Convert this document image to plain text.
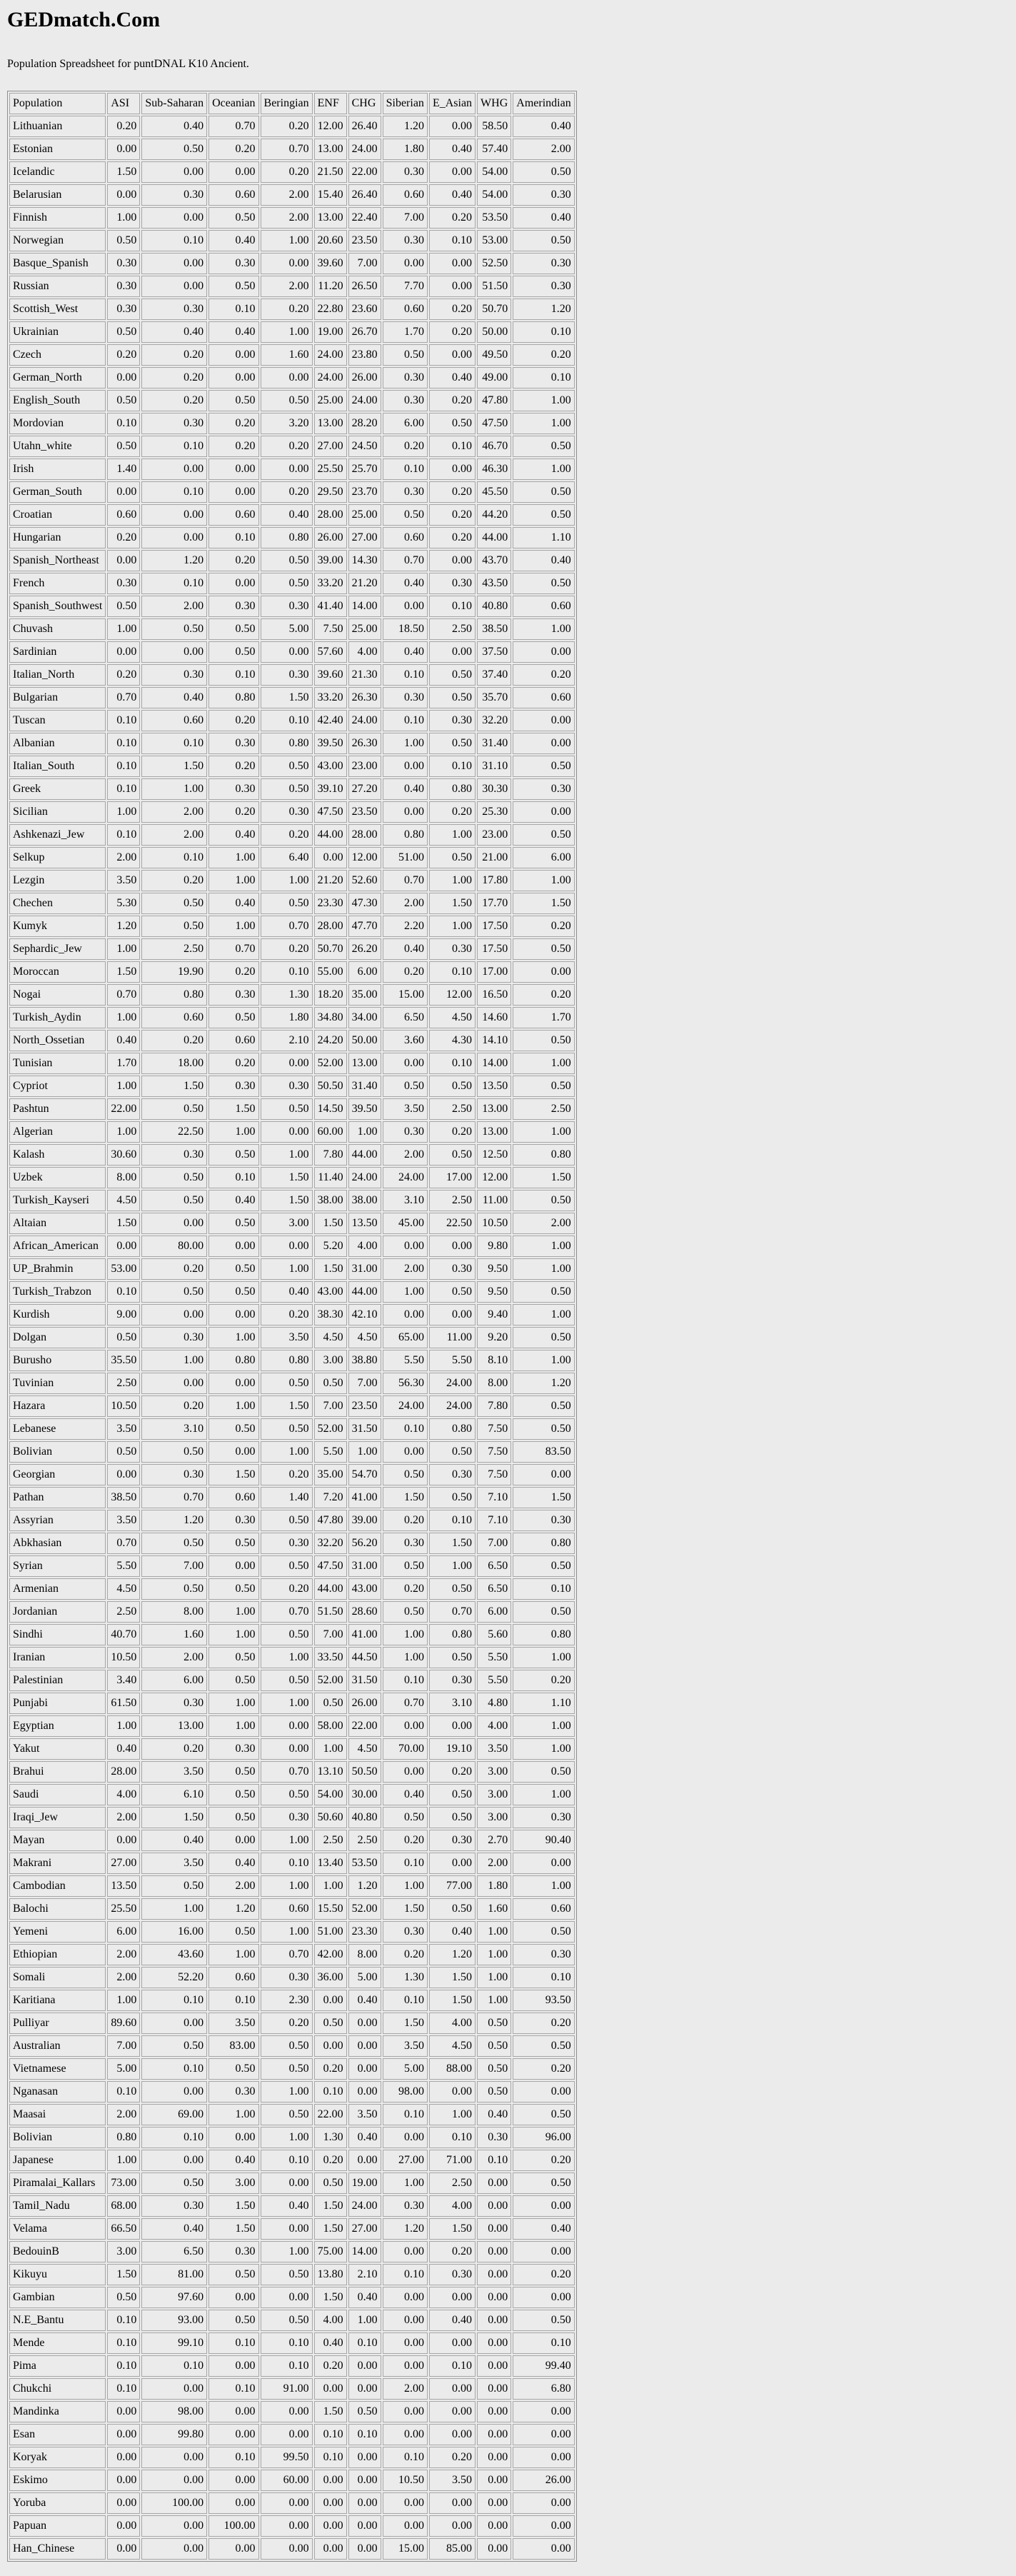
GEDmatch.Com
Population Spreadsheet for puntDNAL K10 Ancient.
Population	ASI	Sub-Saharan	Oceanian	Beringian	ENF	CHG	Siberian	E_Asian	WHG	Amerindian
Lithuanian	0.20	0.40	0.70	0.20	12.00	26.40	1.20	0.00	58.50	0.40
Estonian	0.00	0.50	0.20	0.70	13.00	24.00	1.80	0.40	57.40	2.00
Icelandic	1.50	0.00	0.00	0.20	21.50	22.00	0.30	0.00	54.00	0.50
Belarusian	0.00	0.30	0.60	2.00	15.40	26.40	0.60	0.40	54.00	0.30
Finnish	1.00	0.00	0.50	2.00	13.00	22.40	7.00	0.20	53.50	0.40
Norwegian	0.50	0.10	0.40	1.00	20.60	23.50	0.30	0.10	53.00	0.50
Basque_Spanish	0.30	0.00	0.30	0.00	39.60	7.00	0.00	0.00	52.50	0.30
Russian	0.30	0.00	0.50	2.00	11.20	26.50	7.70	0.00	51.50	0.30
Scottish_West	0.30	0.30	0.10	0.20	22.80	23.60	0.60	0.20	50.70	1.20
Ukrainian	0.50	0.40	0.40	1.00	19.00	26.70	1.70	0.20	50.00	0.10
Czech	0.20	0.20	0.00	1.60	24.00	23.80	0.50	0.00	49.50	0.20
German_North	0.00	0.20	0.00	0.00	24.00	26.00	0.30	0.40	49.00	0.10
English_South	0.50	0.20	0.50	0.50	25.00	24.00	0.30	0.20	47.80	1.00
Mordovian	0.10	0.30	0.20	3.20	13.00	28.20	6.00	0.50	47.50	1.00
Utahn_white	0.50	0.10	0.20	0.20	27.00	24.50	0.20	0.10	46.70	0.50
Irish	1.40	0.00	0.00	0.00	25.50	25.70	0.10	0.00	46.30	1.00
German_South	0.00	0.10	0.00	0.20	29.50	23.70	0.30	0.20	45.50	0.50
Croatian	0.60	0.00	0.60	0.40	28.00	25.00	0.50	0.20	44.20	0.50
Hungarian	0.20	0.00	0.10	0.80	26.00	27.00	0.60	0.20	44.00	1.10
Spanish_Northeast	0.00	1.20	0.20	0.50	39.00	14.30	0.70	0.00	43.70	0.40
French	0.30	0.10	0.00	0.50	33.20	21.20	0.40	0.30	43.50	0.50
Spanish_Southwest	0.50	2.00	0.30	0.30	41.40	14.00	0.00	0.10	40.80	0.60
Chuvash	1.00	0.50	0.50	5.00	7.50	25.00	18.50	2.50	38.50	1.00
Sardinian	0.00	0.00	0.50	0.00	57.60	4.00	0.40	0.00	37.50	0.00
Italian_North	0.20	0.30	0.10	0.30	39.60	21.30	0.10	0.50	37.40	0.20
Bulgarian	0.70	0.40	0.80	1.50	33.20	26.30	0.30	0.50	35.70	0.60
Tuscan	0.10	0.60	0.20	0.10	42.40	24.00	0.10	0.30	32.20	0.00
Albanian	0.10	0.10	0.30	0.80	39.50	26.30	1.00	0.50	31.40	0.00
Italian_South	0.10	1.50	0.20	0.50	43.00	23.00	0.00	0.10	31.10	0.50
Greek	0.10	1.00	0.30	0.50	39.10	27.20	0.40	0.80	30.30	0.30
Sicilian	1.00	2.00	0.20	0.30	47.50	23.50	0.00	0.20	25.30	0.00
Ashkenazi_Jew	0.10	2.00	0.40	0.20	44.00	28.00	0.80	1.00	23.00	0.50
Selkup	2.00	0.10	1.00	6.40	0.00	12.00	51.00	0.50	21.00	6.00
Lezgin	3.50	0.20	1.00	1.00	21.20	52.60	0.70	1.00	17.80	1.00
Chechen	5.30	0.50	0.40	0.50	23.30	47.30	2.00	1.50	17.70	1.50
Kumyk	1.20	0.50	1.00	0.70	28.00	47.70	2.20	1.00	17.50	0.20
Sephardic_Jew	1.00	2.50	0.70	0.20	50.70	26.20	0.40	0.30	17.50	0.50
Moroccan	1.50	19.90	0.20	0.10	55.00	6.00	0.20	0.10	17.00	0.00
Nogai	0.70	0.80	0.30	1.30	18.20	35.00	15.00	12.00	16.50	0.20
Turkish_Aydin	1.00	0.60	0.50	1.80	34.80	34.00	6.50	4.50	14.60	1.70
North_Ossetian	0.40	0.20	0.60	2.10	24.20	50.00	3.60	4.30	14.10	0.50
Tunisian	1.70	18.00	0.20	0.00	52.00	13.00	0.00	0.10	14.00	1.00
Cypriot	1.00	1.50	0.30	0.30	50.50	31.40	0.50	0.50	13.50	0.50
Pashtun	22.00	0.50	1.50	0.50	14.50	39.50	3.50	2.50	13.00	2.50
Algerian	1.00	22.50	1.00	0.00	60.00	1.00	0.30	0.20	13.00	1.00
Kalash	30.60	0.30	0.50	1.00	7.80	44.00	2.00	0.50	12.50	0.80
Uzbek	8.00	0.50	0.10	1.50	11.40	24.00	24.00	17.00	12.00	1.50
Turkish_Kayseri	4.50	0.50	0.40	1.50	38.00	38.00	3.10	2.50	11.00	0.50
Altaian	1.50	0.00	0.50	3.00	1.50	13.50	45.00	22.50	10.50	2.00
African_American	0.00	80.00	0.00	0.00	5.20	4.00	0.00	0.00	9.80	1.00
UP_Brahmin	53.00	0.20	0.50	1.00	1.50	31.00	2.00	0.30	9.50	1.00
Turkish_Trabzon	0.10	0.50	0.50	0.40	43.00	44.00	1.00	0.50	9.50	0.50
Kurdish	9.00	0.00	0.00	0.20	38.30	42.10	0.00	0.00	9.40	1.00
Dolgan	0.50	0.30	1.00	3.50	4.50	4.50	65.00	11.00	9.20	0.50
Burusho	35.50	1.00	0.80	0.80	3.00	38.80	5.50	5.50	8.10	1.00
Tuvinian	2.50	0.00	0.00	0.50	0.50	7.00	56.30	24.00	8.00	1.20
Hazara	10.50	0.20	1.00	1.50	7.00	23.50	24.00	24.00	7.80	0.50
Lebanese	3.50	3.10	0.50	0.50	52.00	31.50	0.10	0.80	7.50	0.50
Bolivian	0.50	0.50	0.00	1.00	5.50	1.00	0.00	0.50	7.50	83.50
Georgian	0.00	0.30	1.50	0.20	35.00	54.70	0.50	0.30	7.50	0.00
Pathan	38.50	0.70	0.60	1.40	7.20	41.00	1.50	0.50	7.10	1.50
Assyrian	3.50	1.20	0.30	0.50	47.80	39.00	0.20	0.10	7.10	0.30
Abkhasian	0.70	0.50	0.50	0.30	32.20	56.20	0.30	1.50	7.00	0.80
Syrian	5.50	7.00	0.00	0.50	47.50	31.00	0.50	1.00	6.50	0.50
Armenian	4.50	0.50	0.50	0.20	44.00	43.00	0.20	0.50	6.50	0.10
Jordanian	2.50	8.00	1.00	0.70	51.50	28.60	0.50	0.70	6.00	0.50
Sindhi	40.70	1.60	1.00	0.50	7.00	41.00	1.00	0.80	5.60	0.80
Iranian	10.50	2.00	0.50	1.00	33.50	44.50	1.00	0.50	5.50	1.00
Palestinian	3.40	6.00	0.50	0.50	52.00	31.50	0.10	0.30	5.50	0.20
Punjabi	61.50	0.30	1.00	1.00	0.50	26.00	0.70	3.10	4.80	1.10
Egyptian	1.00	13.00	1.00	0.00	58.00	22.00	0.00	0.00	4.00	1.00
Yakut	0.40	0.20	0.30	0.00	1.00	4.50	70.00	19.10	3.50	1.00
Brahui	28.00	3.50	0.50	0.70	13.10	50.50	0.00	0.20	3.00	0.50
Saudi	4.00	6.10	0.50	0.50	54.00	30.00	0.40	0.50	3.00	1.00
Iraqi_Jew	2.00	1.50	0.50	0.30	50.60	40.80	0.50	0.50	3.00	0.30
Mayan	0.00	0.40	0.00	1.00	2.50	2.50	0.20	0.30	2.70	90.40
Makrani	27.00	3.50	0.40	0.10	13.40	53.50	0.10	0.00	2.00	0.00
Cambodian	13.50	0.50	2.00	1.00	1.00	1.20	1.00	77.00	1.80	1.00
Balochi	25.50	1.00	1.20	0.60	15.50	52.00	1.50	0.50	1.60	0.60
Yemeni	6.00	16.00	0.50	1.00	51.00	23.30	0.30	0.40	1.00	0.50
Ethiopian	2.00	43.60	1.00	0.70	42.00	8.00	0.20	1.20	1.00	0.30
Somali	2.00	52.20	0.60	0.30	36.00	5.00	1.30	1.50	1.00	0.10
Karitiana	1.00	0.10	0.10	2.30	0.00	0.40	0.10	1.50	1.00	93.50
Pulliyar	89.60	0.00	3.50	0.20	0.50	0.00	1.50	4.00	0.50	0.20
Australian	7.00	0.50	83.00	0.50	0.00	0.00	3.50	4.50	0.50	0.50
Vietnamese	5.00	0.10	0.50	0.50	0.20	0.00	5.00	88.00	0.50	0.20
Nganasan	0.10	0.00	0.30	1.00	0.10	0.00	98.00	0.00	0.50	0.00
Maasai	2.00	69.00	1.00	0.50	22.00	3.50	0.10	1.00	0.40	0.50
Bolivian	0.80	0.10	0.00	1.00	1.30	0.40	0.00	0.10	0.30	96.00
Japanese	1.00	0.00	0.40	0.10	0.20	0.00	27.00	71.00	0.10	0.20
Piramalai_Kallars	73.00	0.50	3.00	0.00	0.50	19.00	1.00	2.50	0.00	0.50
Tamil_Nadu	68.00	0.30	1.50	0.40	1.50	24.00	0.30	4.00	0.00	0.00
Velama	66.50	0.40	1.50	0.00	1.50	27.00	1.20	1.50	0.00	0.40
BedouinB	3.00	6.50	0.30	1.00	75.00	14.00	0.00	0.20	0.00	0.00
Kikuyu	1.50	81.00	0.50	0.50	13.80	2.10	0.10	0.30	0.00	0.20
Gambian	0.50	97.60	0.00	0.00	1.50	0.40	0.00	0.00	0.00	0.00
N.E_Bantu	0.10	93.00	0.50	0.50	4.00	1.00	0.00	0.40	0.00	0.50
Mende	0.10	99.10	0.10	0.10	0.40	0.10	0.00	0.00	0.00	0.10
Pima	0.10	0.10	0.00	0.10	0.20	0.00	0.00	0.10	0.00	99.40
Chukchi	0.10	0.00	0.10	91.00	0.00	0.00	2.00	0.00	0.00	6.80
Mandinka	0.00	98.00	0.00	0.00	1.50	0.50	0.00	0.00	0.00	0.00
Esan	0.00	99.80	0.00	0.00	0.10	0.10	0.00	0.00	0.00	0.00
Koryak	0.00	0.00	0.10	99.50	0.10	0.00	0.10	0.20	0.00	0.00
Eskimo	0.00	0.00	0.00	60.00	0.00	0.00	10.50	3.50	0.00	26.00
Yoruba	0.00	100.00	0.00	0.00	0.00	0.00	0.00	0.00	0.00	0.00
Papuan	0.00	0.00	100.00	0.00	0.00	0.00	0.00	0.00	0.00	0.00
Han_Chinese	0.00	0.00	0.00	0.00	0.00	0.00	15.00	85.00	0.00	0.00
